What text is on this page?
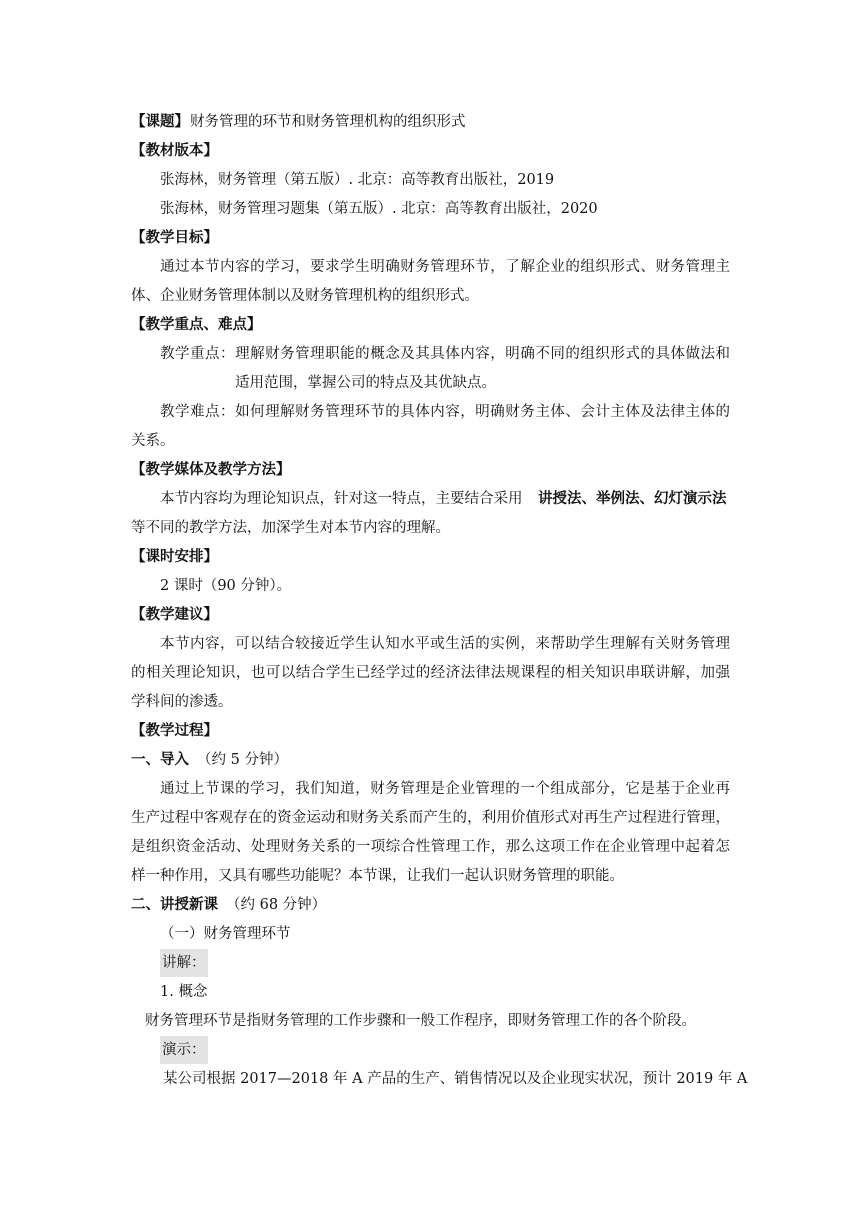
【课题】 财务管理的环节和财务管理机构的组织形式
【教材版本】
张海林，财务管理（第五版）. 北京：高等教育出版社，2019
张海林，财务管理习题集（第五版）. 北京：高等教育出版社，2020
【教学目标】
通过本节内容的学习，要求学生明确财务管理环节，了解企业的组织形式、财务管理主
体、企业财务管理体制以及财务管理机构的组织形式。
【教学重点、难点】
教学重点：理解财务管理职能的概念及其具体内容，明确不同的组织形式的具体做法和
适用范围，掌握公司的特点及其优缺点。
教学难点：如何理解财务管理环节的具体内容，明确财务主体、会计主体及法律主体的
关系。
【教学媒体及教学方法】
本节内容均为理论知识点，针对这一特点，主要结合采用 讲授法、举例法、幻灯演示法
等不同的教学方法，加深学生对本节内容的理解。
【课时安排】
2 课时（90 分钟）。
【教学建议】
本节内容，可以结合较接近学生认知水平或生活的实例，来帮助学生理解有关财务管理
的相关理论知识，也可以结合学生已经学过的经济法律法规课程的相关知识串联讲解，加强
学科间的渗透。
【教学过程】
一、导入 （约 5 分钟）
通过上节课的学习，我们知道，财务管理是企业管理的一个组成部分，它是基于企业再
生产过程中客观存在的资金运动和财务关系而产生的，利用价值形式对再生产过程进行管理，
是组织资金活动、处理财务关系的一项综合性管理工作，那么这项工作在企业管理中起着怎
样一种作用，又具有哪些功能呢？本节课，让我们一起认识财务管理的职能。
二、讲授新课 （约 68 分钟）
（一）财务管理环节
讲解：
1. 概念
财务管理环节是指财务管理的工作步骤和一般工作程序，即财务管理工作的各个阶段。
演示：
某公司根据 2017—2018 年 A 产品的生产、销售情况以及企业现实状况，预计 2019 年 A
